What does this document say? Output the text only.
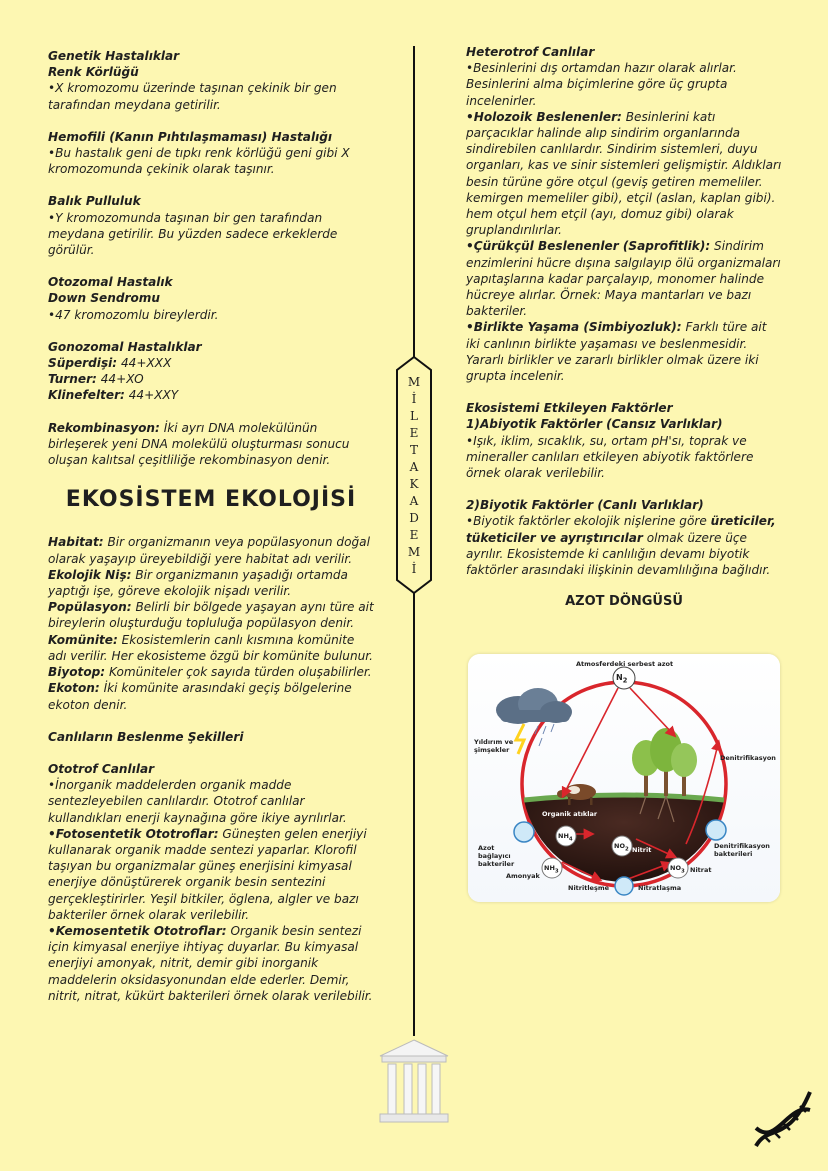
M
İ
L
E
T
A
K
A
D
E
M
İ
Genetik Hastalıklar
Renk Körlüğü
•X kromozomu üzerinde taşınan çekinik bir gen tarafından meydana getirilir.
Hemofili (Kanın Pıhtılaşmaması) Hastalığı
•Bu hastalık geni de tıpkı renk körlüğü geni gibi X kromozomunda çekinik olarak taşınır.
Balık Pulluluk
•Y kromozomunda taşınan bir gen tarafından meydana getirilir. Bu yüzden sadece erkeklerde görülür.
Otozomal Hastalık
Down Sendromu
•47 kromozomlu bireylerdir.
Gonozomal Hastalıklar
Süperdişi: 44+XXX
Turner: 44+XO
Klinefelter: 44+XXY
Rekombinasyon: İki ayrı DNA molekülünün birleşerek yeni DNA molekülü oluşturması sonucu oluşan kalıtsal çeşitliliğe rekombinasyon denir.
EKOSİSTEM EKOLOJİSİ
Habitat: Bir organizmanın veya popülasyonun doğal olarak yaşayıp üreyebildiği yere habitat adı verilir.
Ekolojik Niş: Bir organizmanın yaşadığı ortamda yaptığı işe, göreve ekolojik nişadı verilir.
Popülasyon: Belirli bir bölgede yaşayan aynı türe ait bireylerin oluşturduğu topluluğa popülasyon denir.
Komünite: Ekosistemlerin canlı kısmına komünite adı verilir. Her ekosisteme özgü bir komünite bulunur.
Biyotop: Komüniteler çok sayıda türden oluşabilirler.
Ekoton: İki komünite arasındaki geçiş bölgelerine ekoton denir.
Canlıların Beslenme Şekilleri
Ototrof Canlılar
•İnorganik maddelerden organik madde sentezleyebilen canlılardır. Ototrof canlılar kullandıkları enerji kaynağına göre ikiye ayrılırlar.
•Fotosentetik Ototroflar: Güneşten gelen enerjiyi kullanarak organik madde sentezi yaparlar. Klorofil taşıyan bu organizmalar güneş enerjisini kimyasal enerjiye dönüştürerek organik besin sentezini gerçekleştirirler. Yeşil bitkiler, öglena, algler ve bazı bakteriler örnek olarak verilebilir.
•Kemosentetik Ototroflar: Organik besin sentezi için kimyasal enerjiye ihtiyaç duyarlar. Bu kimyasal enerjiyi amonyak, nitrit, demir gibi inorganik maddelerin oksidasyonundan elde ederler. Demir, nitrit, nitrat, kükürt bakterileri örnek olarak verilebilir.
Heterotrof Canlılar
•Besinlerini dış ortamdan hazır olarak alırlar. Besinlerini alma biçimlerine göre üç grupta incelenirler.
•Holozoik Beslenenler: Besinlerini katı parçacıklar halinde alıp sindirim organlarında sindirebilen canlılardır. Sindirim sistemleri, duyu organları, kas ve sinir sistemleri gelişmiştir. Aldıkları besin türüne göre otçul (geviş getiren memeliler. kemirgen memeliler gibi), etçil (aslan, kaplan gibi). hem otçul hem etçil (ayı, domuz gibi) olarak gruplandırılırlar.
•Çürükçül Beslenenler (Saprofitlik): Sindirim enzimlerini hücre dışına salgılayıp ölü organizmaları yapıtaşlarına kadar parçalayıp, monomer halinde hücreye alırlar. Örnek: Maya mantarları ve bazı bakteriler.
•Birlikte Yaşama (Simbiyozluk): Farklı türe ait iki canlının birlikte yaşaması ve beslenmesidir. Yararlı birlikler ve zararlı birlikler olmak üzere iki grupta incelenir.
Ekosistemi Etkileyen Faktörler
1)Abiyotik Faktörler (Cansız Varlıklar)
•Işık, iklim, sıcaklık, su, ortam pH'sı, toprak ve mineraller canlıları etkileyen abiyotik faktörlere örnek olarak verilebilir.
2)Biyotik Faktörler (Canlı Varlıklar)
•Biyotik faktörler ekolojik nişlerine göre üreticiler, tüketiciler ve ayrıştırıcılar olmak üzere üçe ayrılır. Ekosistemde ki canlılığın devamı biyotik faktörler arasındaki ilişkinin devamlılığına bağlıdır.
AZOT DÖNGÜSÜ
Atmosferdeki serbest azot
$N_2$
Yıldırım ve şimşekler
Denitrifikasyon
Organik atıklar
Azot bağlayıcı bakteriler
Denitrifikasyon bakterileri
$NH_4$
$NO_2$ Nitrit
$NO_3$ Nitrat
$NH_3$
Amonyak
Nitritleşme	Nitratlaşma
